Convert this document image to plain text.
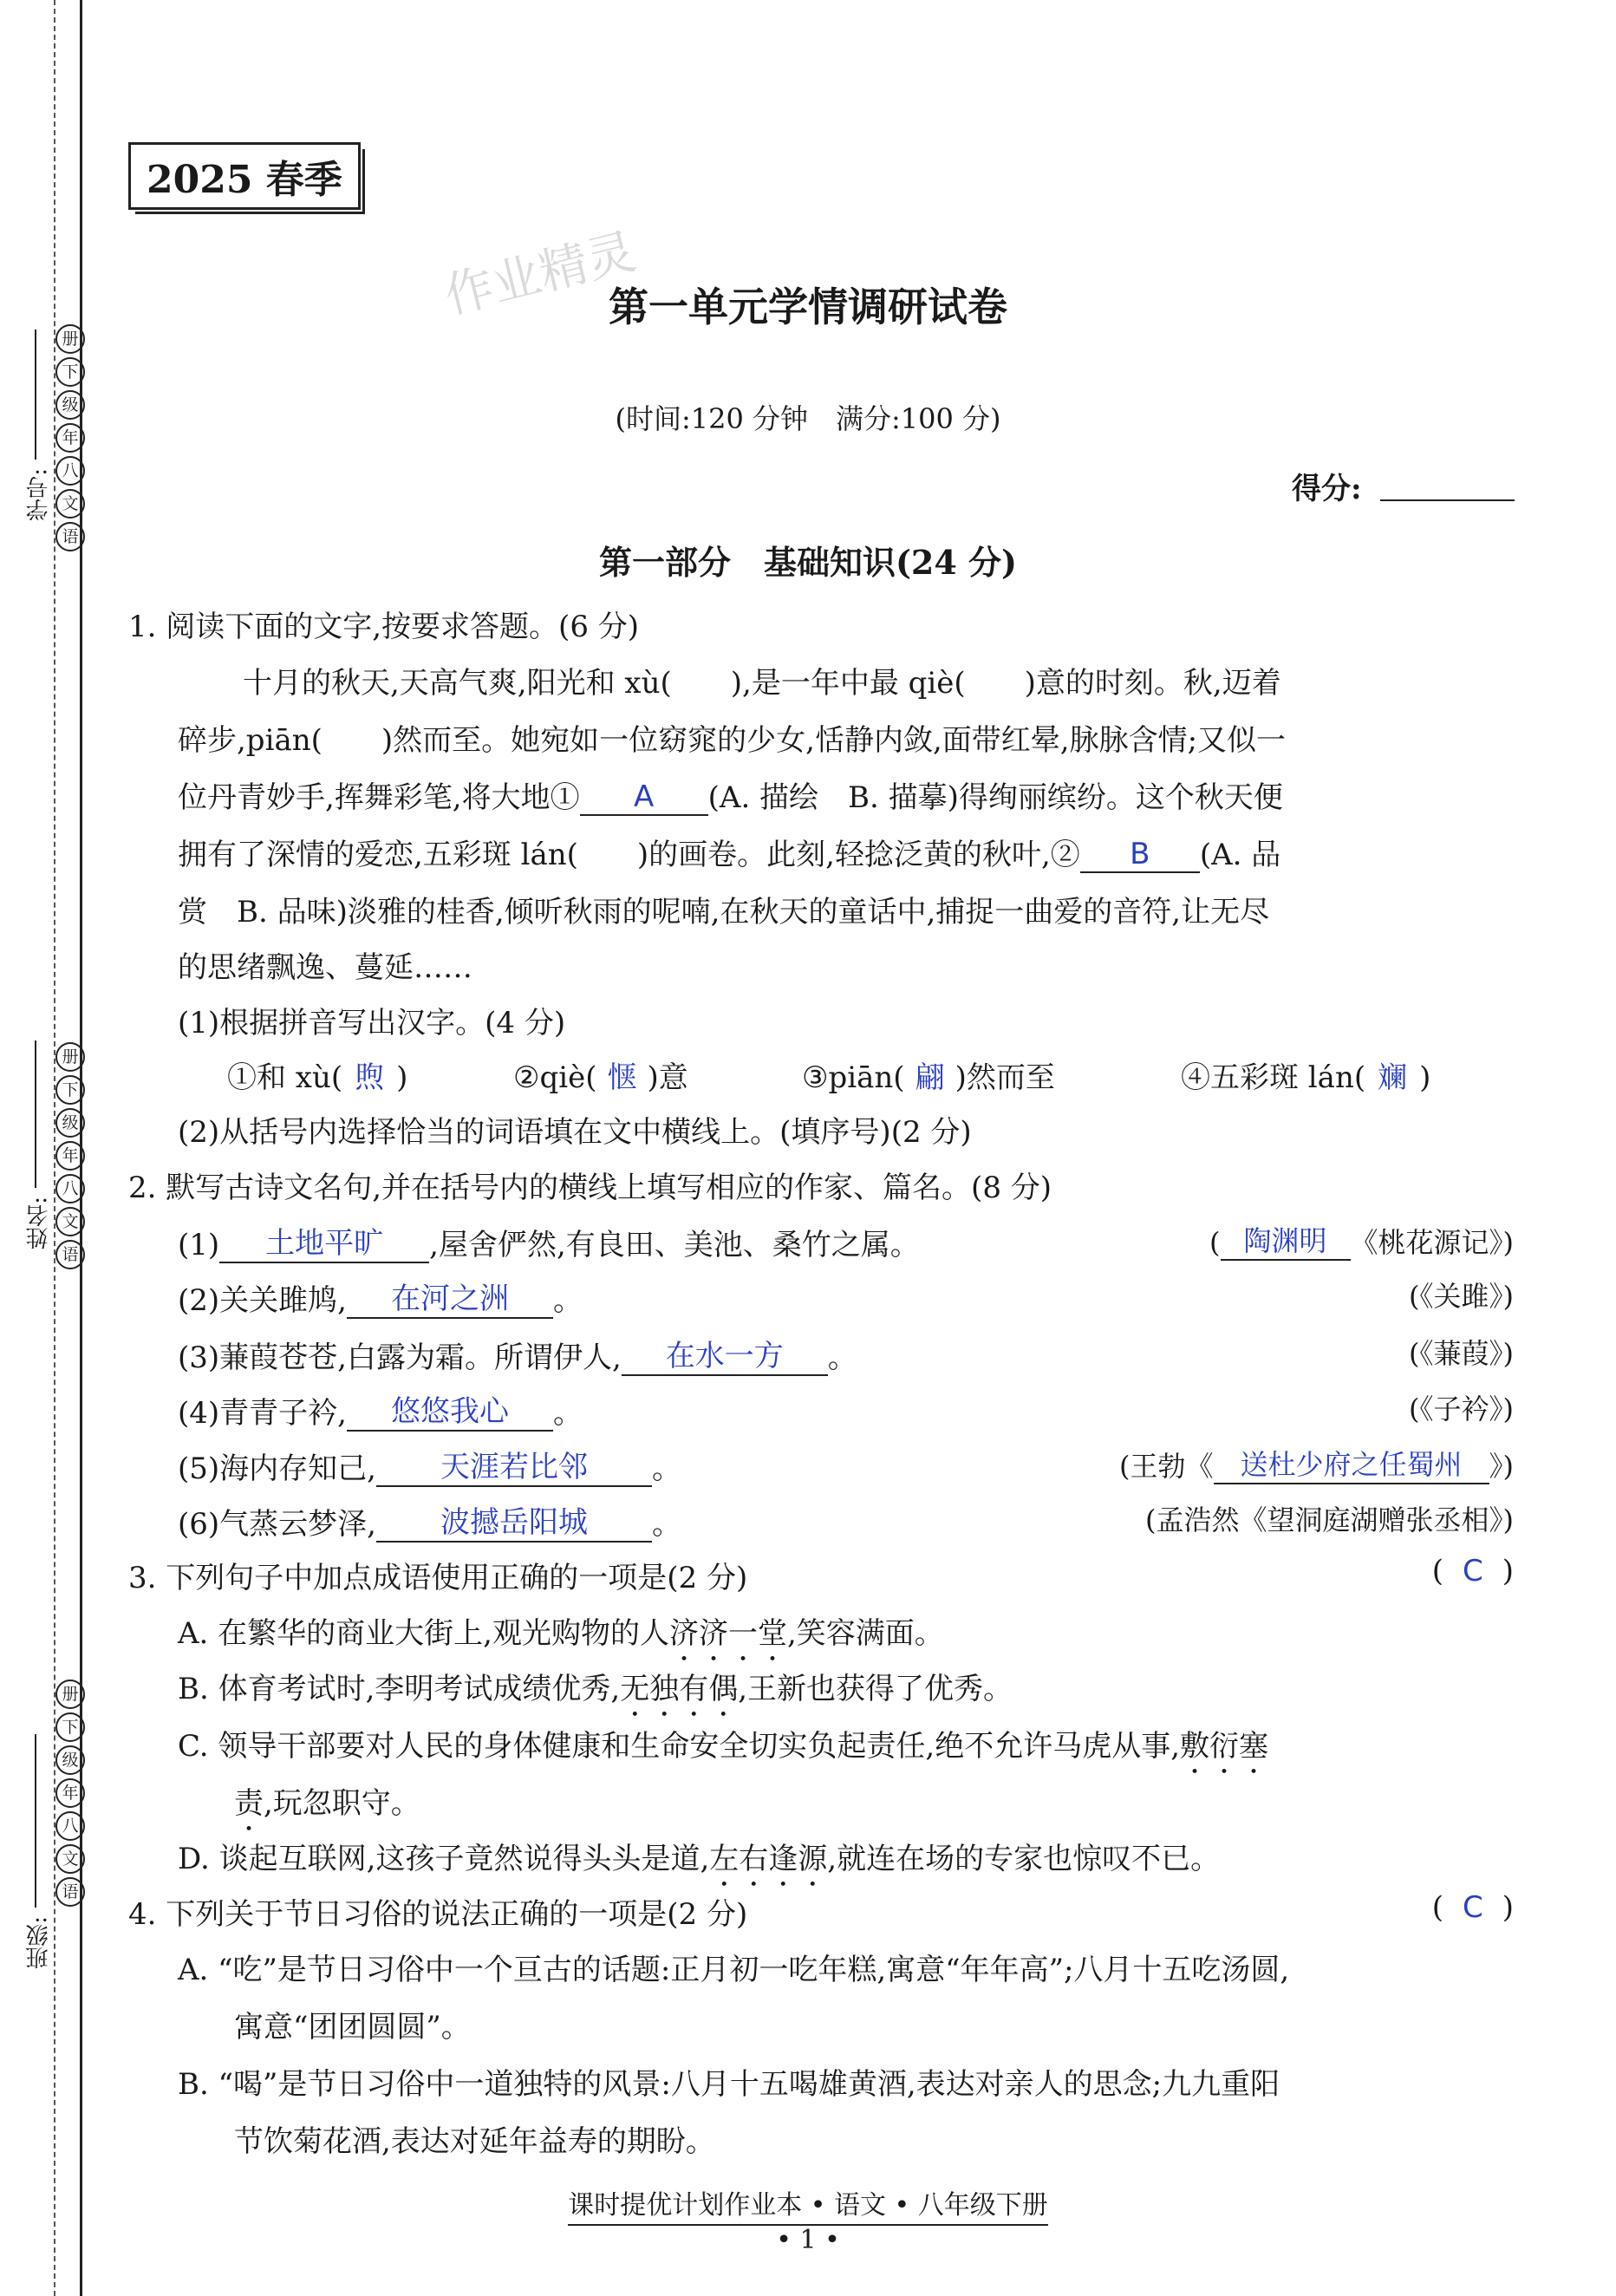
学号:
语
文
八
年
级
下
册
姓名:
语
文
八
年
级
下
册
班级:
语
文
八
年
级
下
册
2025 春季
作业精灵
第一单元学情调研试卷
(时间:120 分钟　满分:100 分)
得分:
第一部分　基础知识(24 分)
1. 阅读下面的文字,按要求答题。(6 分)
十月的秋天,天高气爽,阳光和 xù(　　),是一年中最 qiè(　　)意的时刻。秋,迈着
碎步,piān(　　)然而至。她宛如一位窈窕的少女,恬静内敛,面带红晕,脉脉含情;又似一
位丹青妙手,挥舞彩笔,将大地① A (A. 描绘　B. 描摹)得绚丽缤纷。这个秋天便
拥有了深情的爱恋,五彩斑 lán(　　)的画卷。此刻,轻捻泛黄的秋叶,② B (A. 品
赏　B. 品味)淡雅的桂香,倾听秋雨的呢喃,在秋天的童话中,捕捉一曲爱的音符,让无尽
的思绪飘逸、蔓延……
(1)根据拼音写出汉字。(4 分)
①和 xù( 煦 )	②qiè( 惬 )意	③piān( 翩 )然而至	④五彩斑 lán( 斓 )
(2)从括号内选择恰当的词语填在文中横线上。(填序号)(2 分)
2. 默写古诗文名句,并在括号内的横线上填写相应的作家、篇名。(8 分)
(1) 土地平旷 ,屋舍俨然,有良田、美池、桑竹之属。	( 陶渊明 《桃花源记》)
(2)关关雎鸠, 在河之洲 。	(《关雎》)
(3)蒹葭苍苍,白露为霜。所谓伊人, 在水一方 。	(《蒹葭》)
(4)青青子衿, 悠悠我心 。	(《子衿》)
(5)海内存知己, 天涯若比邻 。	(王勃《 送杜少府之任蜀州 》)
(6)气蒸云梦泽, 波撼岳阳城 。	(孟浩然《望洞庭湖赠张丞相》)
3. 下列句子中加点成语使用正确的一项是(2 分)	( C )
A. 在繁华的商业大街上,观光购物的人济济一堂,笑容满面。
B. 体育考试时,李明考试成绩优秀,无独有偶,王新也获得了优秀。
C. 领导干部要对人民的身体健康和生命安全切实负起责任,绝不允许马虎从事,敷衍塞
责,玩忽职守。
D. 谈起互联网,这孩子竟然说得头头是道,左右逢源,就连在场的专家也惊叹不已。
4. 下列关于节日习俗的说法正确的一项是(2 分)	( C )
A. “吃”是节日习俗中一个亘古的话题:正月初一吃年糕,寓意“年年高”;八月十五吃汤圆,
寓意“团团圆圆”。
B. “喝”是节日习俗中一道独特的风景:八月十五喝雄黄酒,表达对亲人的思念;九九重阳
节饮菊花酒,表达对延年益寿的期盼。
课时提优计划作业本 • 语文 • 八年级下册
• 1 •
